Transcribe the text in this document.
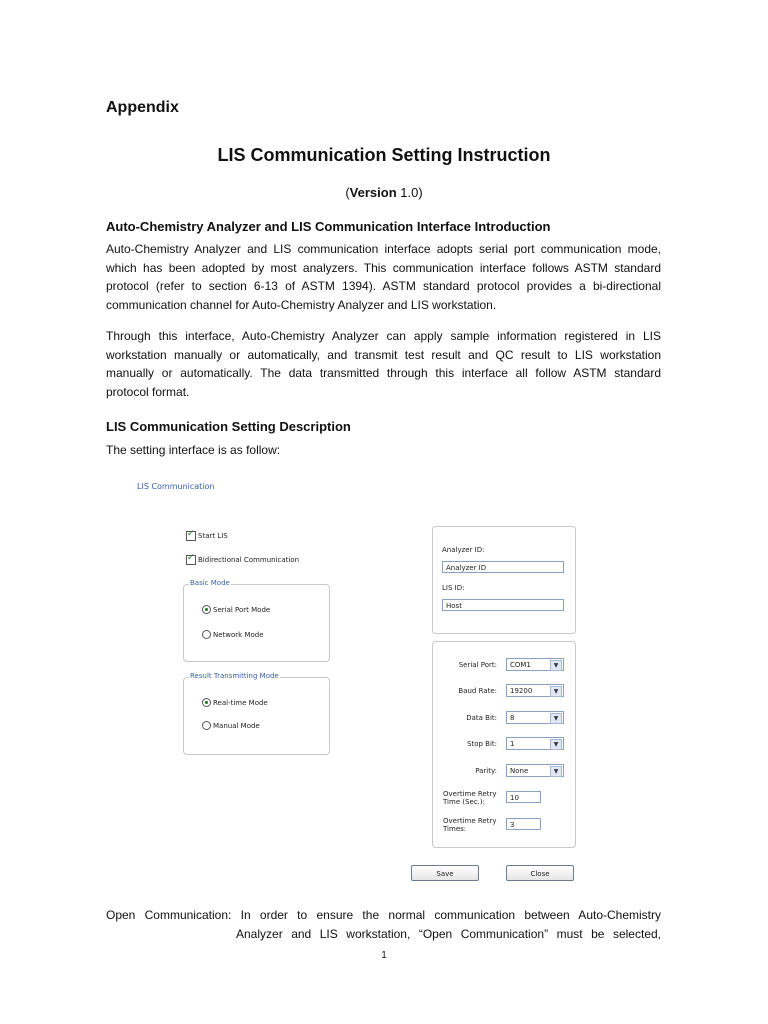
Appendix
LIS Communication Setting Instruction
(Version 1.0)
Auto-Chemistry Analyzer and LIS Communication Interface Introduction
Auto-Chemistry Analyzer and LIS communication interface adopts serial port communication mode,
which has been adopted by most analyzers. This communication interface follows ASTM standard
protocol (refer to section 6-13 of ASTM 1394). ASTM standard protocol provides a bi-directional
communication channel for Auto-Chemistry Analyzer and LIS workstation.
Through this interface, Auto-Chemistry Analyzer can apply sample information registered in LIS
workstation manually or automatically, and transmit test result and QC result to LIS workstation
manually or automatically. The data transmitted through this interface all follow ASTM standard
protocol format.
LIS Communication Setting Description
The setting interface is as follow:
LIS Communication
✓
Start LIS
✓
Bidirectional Communication
Basic Mode
Serial Port Mode
Network Mode
Result Transmitting Mode
Real-time Mode
Manual Mode
Analyzer ID:
Analyzer ID
LIS ID:
Host
Serial Port:	COM1	▼
Baud Rate:	19200	▼
Data Bit:	8	▼
Stop Bit:	1	▼
Parity:	None	▼
Overtime Retry
Time (Sec.):	10
Overtime Retry
Times:	3
Save	Close
Open Communication: In order to ensure the normal communication between Auto-Chemistry
Analyzer and LIS workstation, “Open Communication” must be selected,
1
